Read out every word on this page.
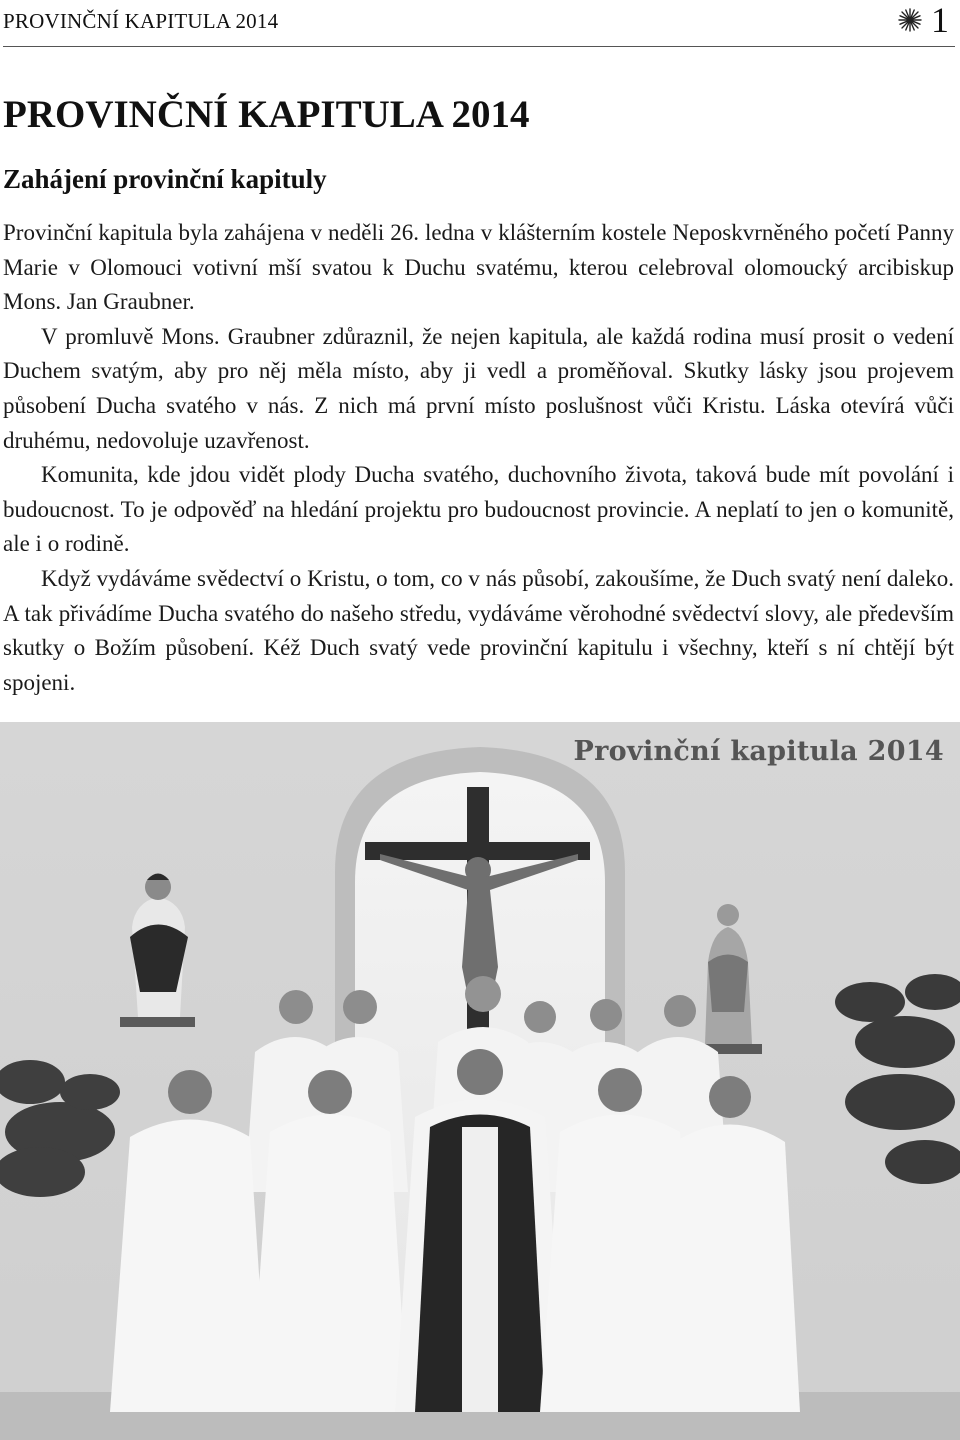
PROVINČNÍ KAPITULA 2014	1
PROVINČNÍ KAPITULA 2014
Zahájení provinční kapituly

Provinční kapitula byla zahájena v neděli 26. ledna v klášterním kostele Neposkvrněného početí Panny Marie v Olomouci votivní mší svatou k Duchu svatému, kterou celebroval olomoucký arcibiskup Mons. Jan Graubner.

V promluvě Mons. Graubner zdůraznil, že nejen kapitula, ale každá rodina musí prosit o vedení Duchem svatým, aby pro něj měla místo, aby ji vedl a proměňoval. Skutky lásky jsou projevem působení Ducha svatého v nás. Z nich má první místo poslušnost vůči Kristu. Láska otevírá vůči druhému, nedovoluje uzavřenost.

Komunita, kde jdou vidět plody Ducha svatého, duchovního života, taková bude mít povolání i budoucnost. To je odpověď na hledání projektu pro budoucnost provincie. A neplatí to jen o komunitě, ale i o rodině.

Když vydáváme svědectví o Kristu, o tom, co v nás působí, zakoušíme, že Duch svatý není daleko. A tak přivádíme Ducha svatého do našeho středu, vydáváme věrohodné svědectví slovy, ale především skutky o Božím působení. Kéž Duch svatý vede provinční kapitulu i všechny, kteří s ní chtějí být spojeni.

Provinční kapitula 2014
